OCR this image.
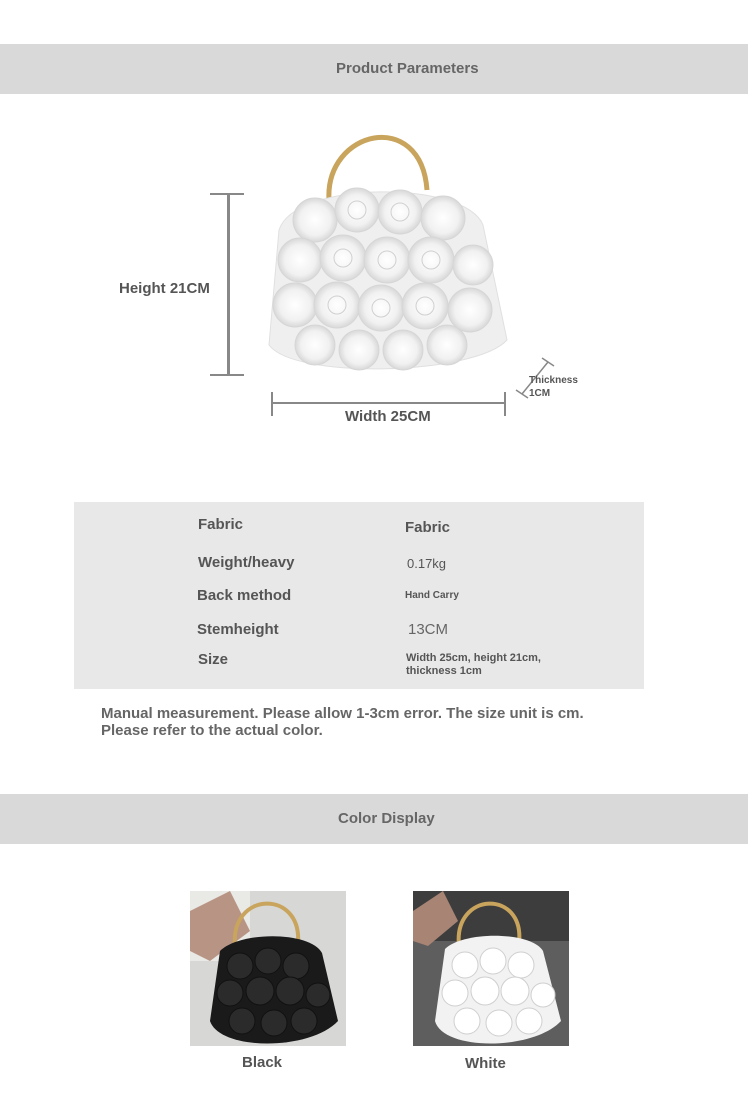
Product Parameters
Height 21CM
Width 25CM
Thickness
1CM
Fabric	Fabric
Weight/heavy	0.17kg
Back method	Hand Carry
Stemheight	13CM
Size	Width 25cm, height 21cm,
thickness 1cm
Manual measurement. Please allow 1-3cm error. The size unit is cm. Please refer to the actual color.
Color Display
Black	White
